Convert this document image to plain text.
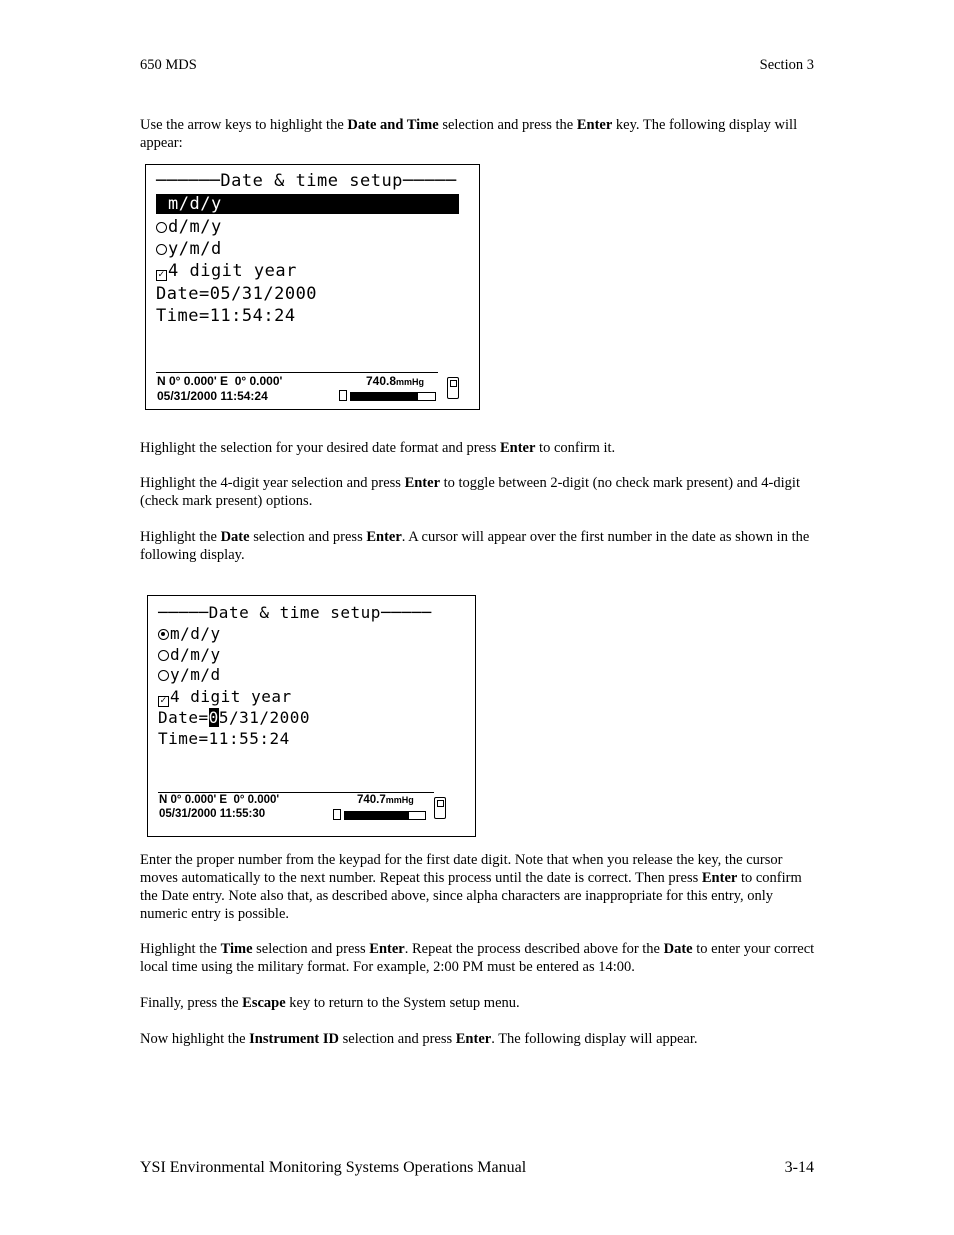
650 MDS	Section 3
Use the arrow keys to highlight the Date and Time selection and press the Enter key. The following display will appear:
──────Date & time setup─────
m/d/y
d/m/y
y/m/d
✓ 4 digit year
Date=05/31/2000
Time=11:54:24
N 0° 0.000' E  0° 0.000'	740.8mmHg
05/31/2000 11:54:24
Highlight the selection for your desired date format and press Enter to confirm it.
Highlight the 4-digit year selection and press Enter to toggle between 2-digit (no check mark present) and 4-digit (check mark present) options.
Highlight the Date selection and press Enter. A cursor will appear over the first number in the date as shown in the following display.
─────Date & time setup─────
m/d/y
d/m/y
y/m/d
✓ 4 digit year
Date=05/31/2000
Time=11:55:24
N 0° 0.000' E  0° 0.000'	740.7mmHg
05/31/2000 11:55:30
Enter the proper number from the keypad for the first date digit. Note that when you release the key, the cursor moves automatically to the next number. Repeat this process until the date is correct. Then press Enter to confirm the Date entry. Note also that, as described above, since alpha characters are inappropriate for this entry, only numeric entry is possible.
Highlight the Time selection and press Enter. Repeat the process described above for the Date to enter your correct local time using the military format. For example, 2:00 PM must be entered as 14:00.
Finally, press the Escape key to return to the System setup menu.
Now highlight the Instrument ID selection and press Enter. The following display will appear.
YSI Environmental Monitoring Systems Operations Manual	3-14
